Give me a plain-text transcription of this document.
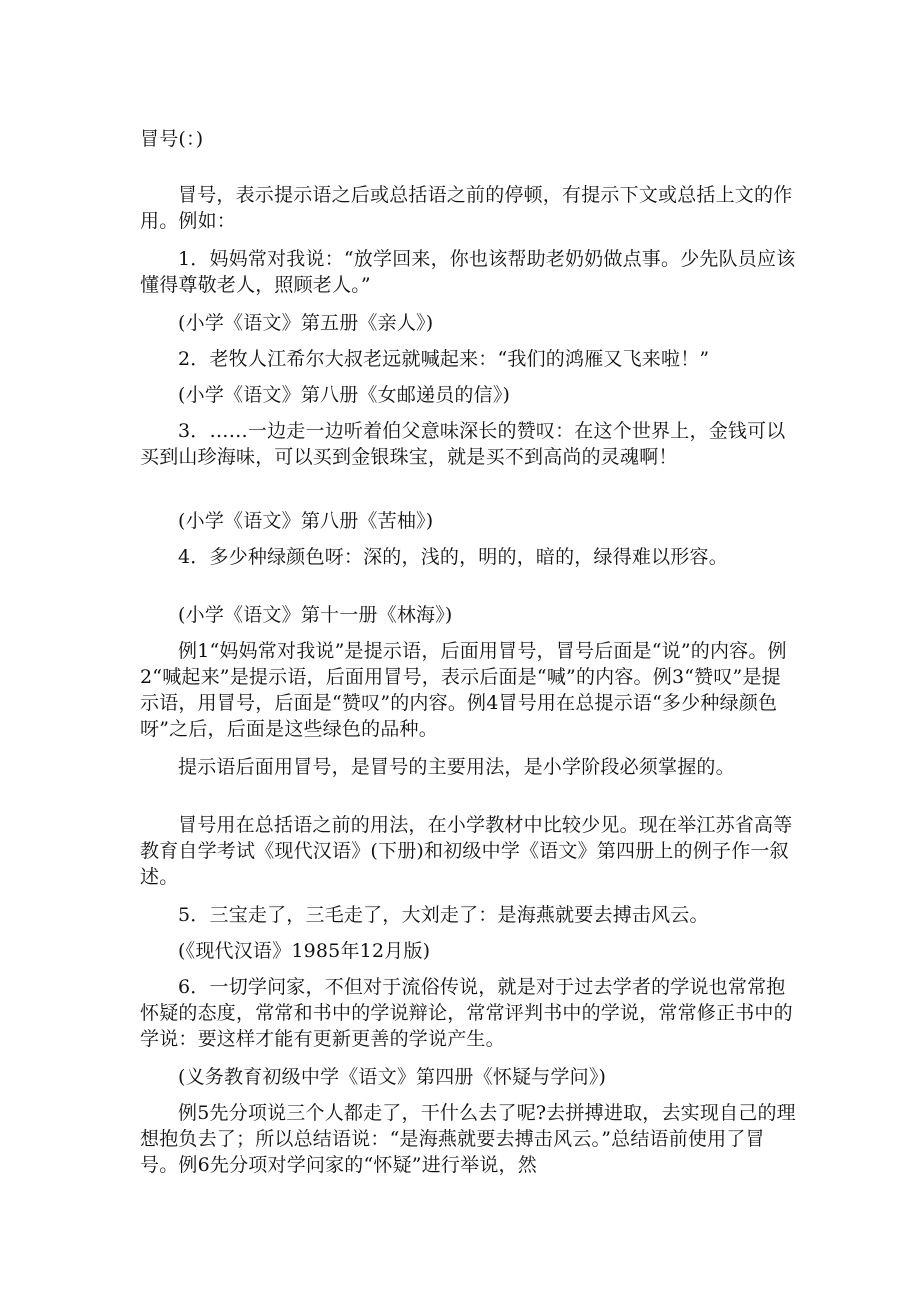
冒号(：)

冒号，表示提示语之后或总括语之前的停顿，有提示下文或总括上文的作用。例如：

1．妈妈常对我说：“放学回来，你也该帮助老奶奶做点事。少先队员应该懂得尊敬老人，照顾老人。”

(小学《语文》第五册《亲人》)

2．老牧人江希尔大叔老远就喊起来：“我们的鸿雁又飞来啦！”

(小学《语文》第八册《女邮递员的信》)

3．……一边走一边听着伯父意味深长的赞叹：在这个世界上，金钱可以买到山珍海味，可以买到金银珠宝，就是买不到高尚的灵魂啊！

(小学《语文》第八册《苦柚》)

4．多少种绿颜色呀：深的，浅的，明的，暗的，绿得难以形容。

(小学《语文》第十一册《林海》)

例1“妈妈常对我说”是提示语，后面用冒号，冒号后面是“说”的内容。例2“喊起来”是提示语，后面用冒号，表示后面是“喊”的内容。例3“赞叹”是提示语，用冒号，后面是“赞叹”的内容。例4冒号用在总提示语“多少种绿颜色呀”之后，后面是这些绿色的品种。

提示语后面用冒号，是冒号的主要用法，是小学阶段必须掌握的。

冒号用在总括语之前的用法，在小学教材中比较少见。现在举江苏省高等教育自学考试《现代汉语》(下册)和初级中学《语文》第四册上的例子作一叙述。

5．三宝走了，三毛走了，大刘走了：是海燕就要去搏击风云。

(《现代汉语》1985年12月版)

6．一切学问家，不但对于流俗传说，就是对于过去学者的学说也常常抱怀疑的态度，常常和书中的学说辩论，常常评判书中的学说，常常修正书中的学说：要这样才能有更新更善的学说产生。

(义务教育初级中学《语文》第四册《怀疑与学问》)

例5先分项说三个人都走了，干什么去了呢?去拼搏进取，去实现自己的理想抱负去了；所以总结语说：“是海燕就要去搏击风云。”总结语前使用了冒号。例6先分项对学问家的“怀疑”进行举说，然
